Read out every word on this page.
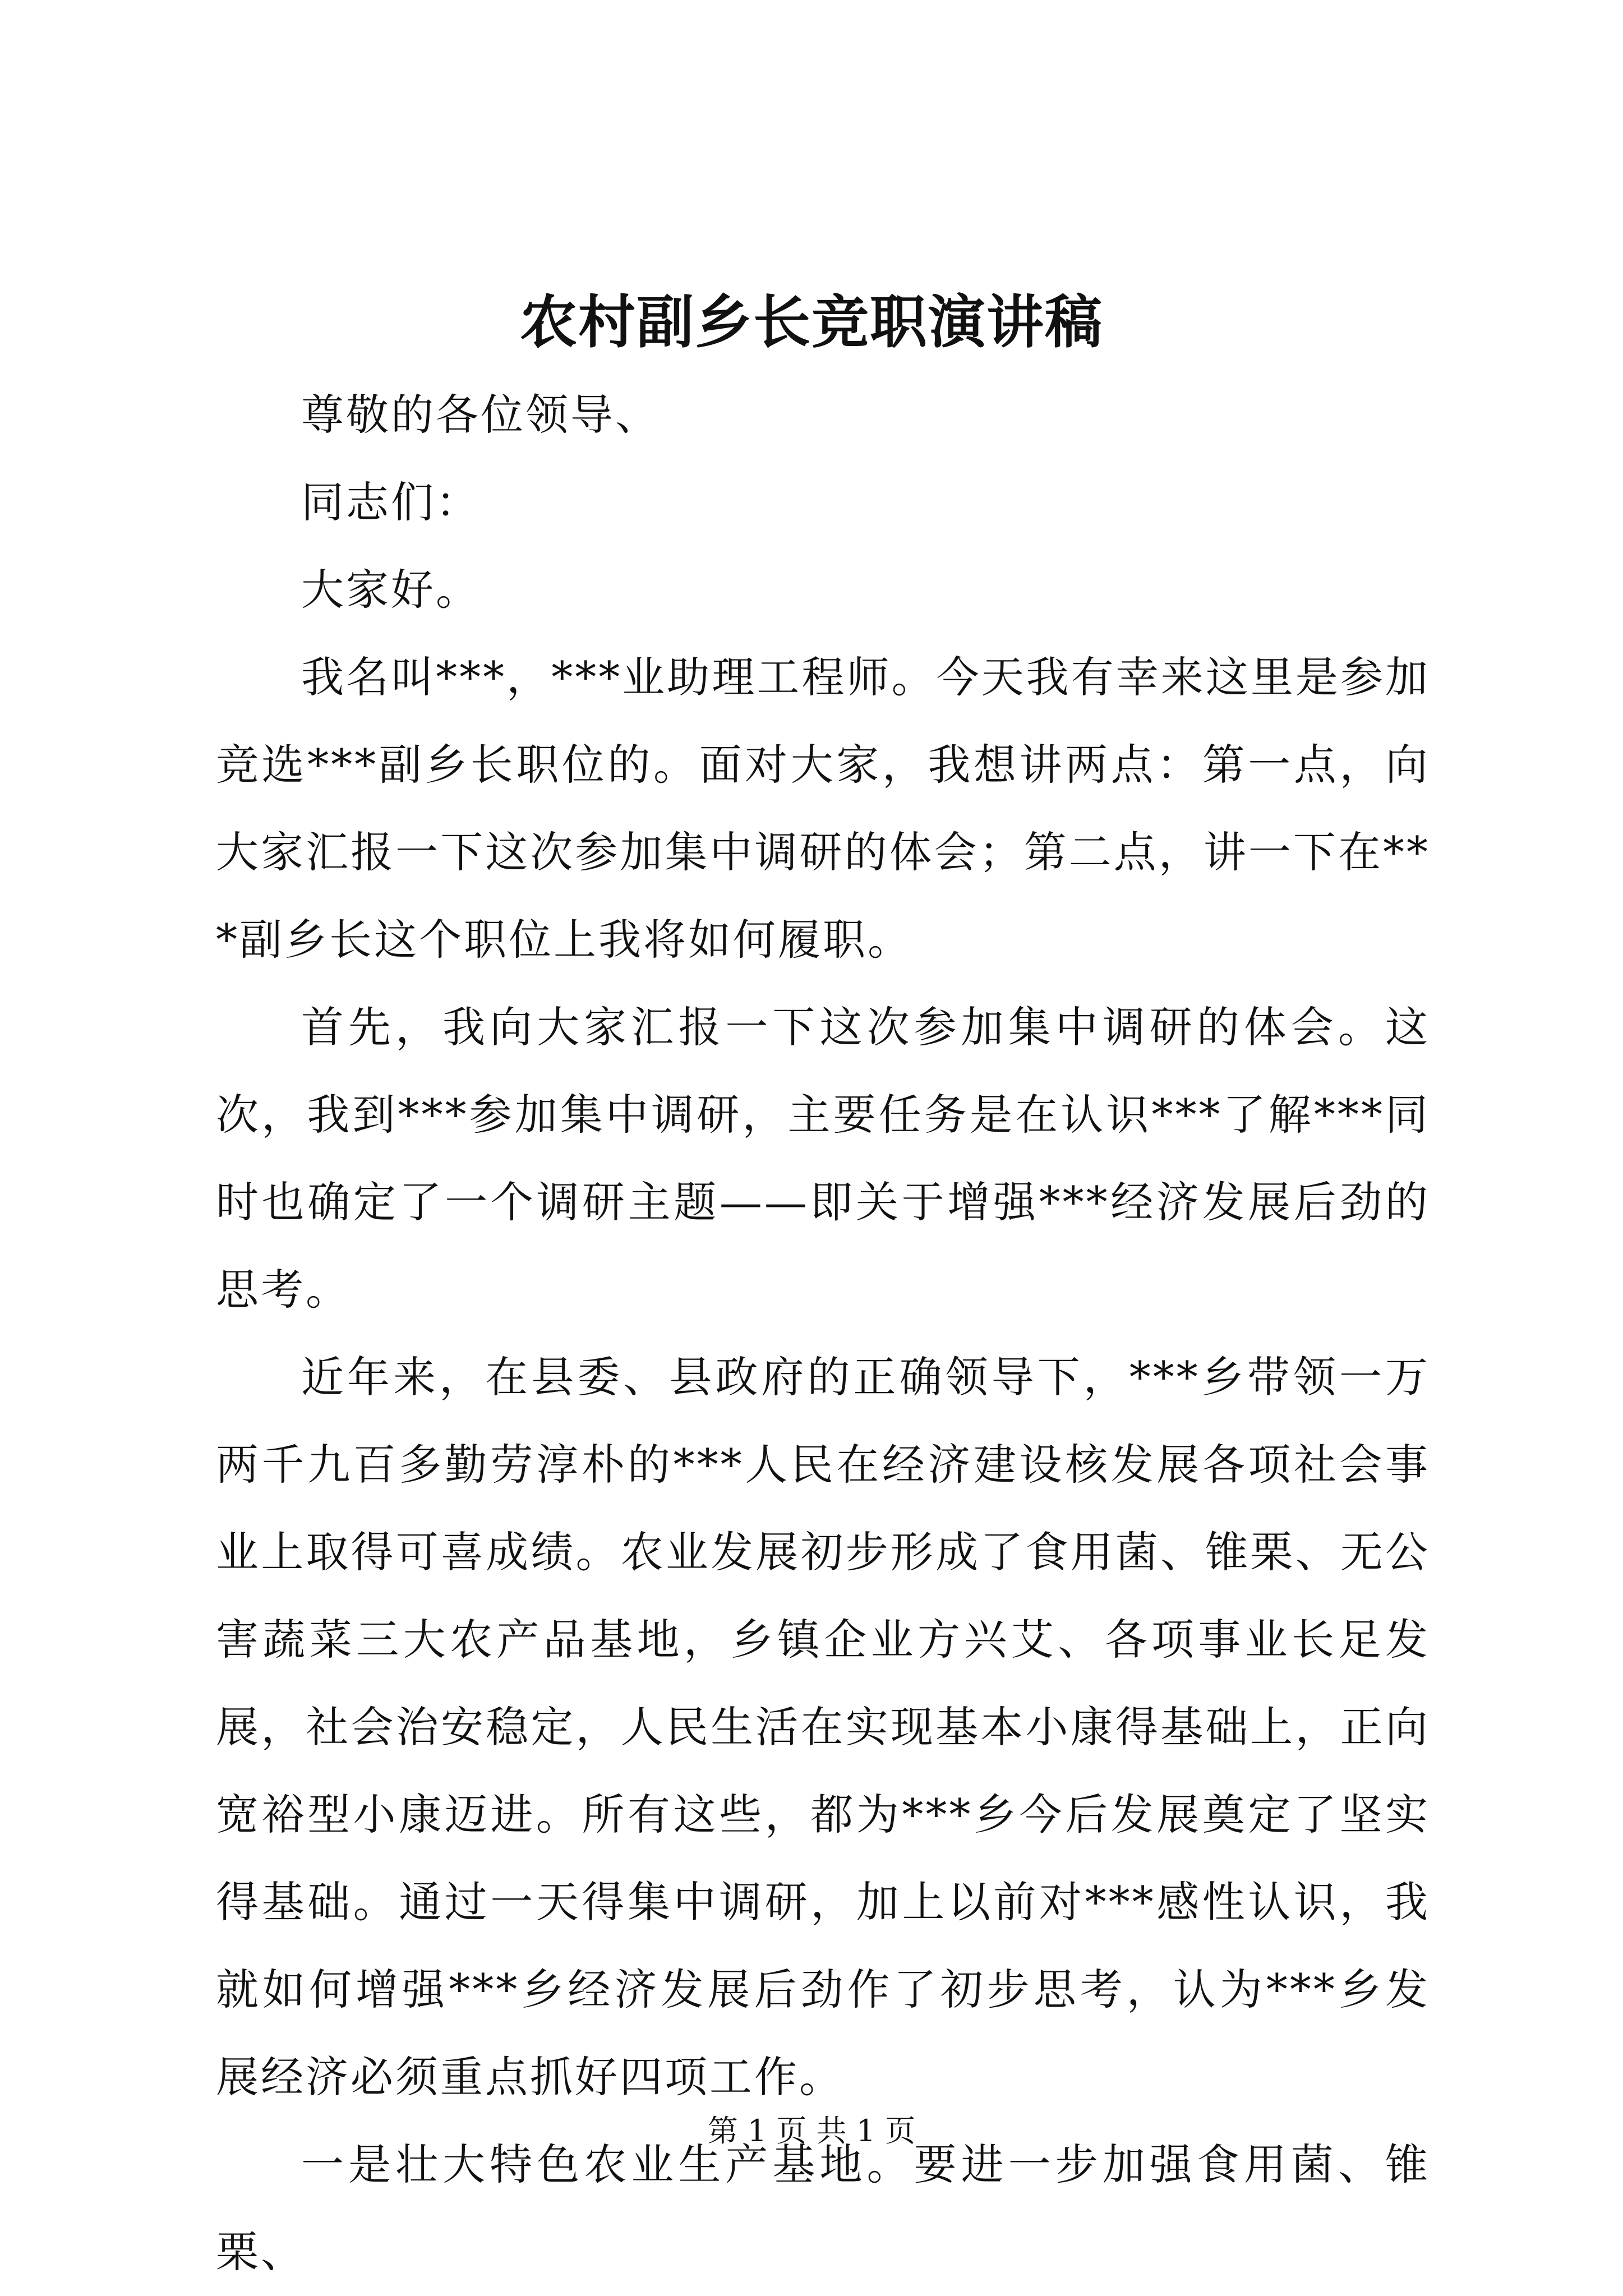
农村副乡长竞职演讲稿

尊敬的各位领导、

同志们：

大家好。

我名叫***，***业助理工程师。今天我有幸来这里是参加竞选***副乡长职位的。面对大家，我想讲两点：第一点，向大家汇报一下这次参加集中调研的体会；第二点，讲一下在***副乡长这个职位上我将如何履职。

首先，我向大家汇报一下这次参加集中调研的体会。这次，我到***参加集中调研，主要任务是在认识***了解***同时也确定了一个调研主题——即关于增强***经济发展后劲的思考。

近年来，在县委、县政府的正确领导下，***乡带领一万两千九百多勤劳淳朴的***人民在经济建设核发展各项社会事业上取得可喜成绩。农业发展初步形成了食用菌、锥栗、无公害蔬菜三大农产品基地，乡镇企业方兴艾、各项事业长足发展，社会治安稳定，人民生活在实现基本小康得基础上，正向宽裕型小康迈进。所有这些，都为***乡今后发展奠定了坚实得基础。通过一天得集中调研，加上以前对***感性认识，我就如何增强***乡经济发展后劲作了初步思考，认为***乡发展经济必须重点抓好四项工作。

一是壮大特色农业生产基地。要进一步加强食用菌、锥栗、

第 1 页 共 1 页
